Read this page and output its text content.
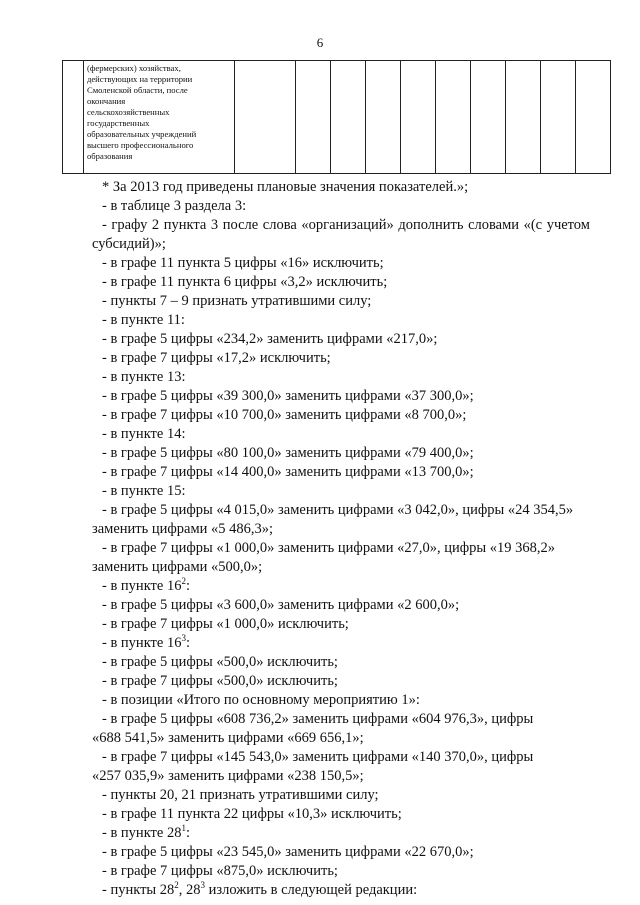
6

(фермерских) хозяйствах,
действующих на территории
Смоленской области, после
окончания
сельскохозяйственных
государственных
образовательных учреждений
высшего профессионального
образования

* За 2013 год приведены плановые значения показателей.»;
- в таблице 3 раздела 3:
- графу 2 пункта 3 после слова «организаций» дополнить словами «(с учетом
субсидий)»;
- в графе 11 пункта 5 цифры «16» исключить;
- в графе 11 пункта 6 цифры «3,2» исключить;
- пункты 7 – 9 признать утратившими силу;
- в пункте 11:
- в графе 5 цифры «234,2» заменить цифрами «217,0»;
- в графе 7 цифры «17,2» исключить;
- в пункте 13:
- в графе 5 цифры «39 300,0» заменить цифрами «37 300,0»;
- в графе 7 цифры «10 700,0» заменить цифрами «8 700,0»;
- в пункте 14:
- в графе 5 цифры «80 100,0» заменить цифрами «79 400,0»;
- в графе 7 цифры «14 400,0» заменить цифрами «13 700,0»;
- в пункте 15:
- в графе 5 цифры «4 015,0» заменить цифрами «3 042,0», цифры «24 354,5»
заменить цифрами «5 486,3»;
- в графе 7 цифры «1 000,0» заменить цифрами «27,0», цифры «19 368,2»
заменить цифрами «500,0»;
- в пункте $16^2$:
- в графе 5 цифры «3 600,0» заменить цифрами «2 600,0»;
- в графе 7 цифры «1 000,0» исключить;
- в пункте $16^3$:
- в графе 5 цифры «500,0» исключить;
- в графе 7 цифры «500,0» исключить;
- в позиции «Итого по основному мероприятию 1»:
- в графе 5 цифры «608 736,2» заменить цифрами «604 976,3», цифры
«688 541,5» заменить цифрами «669 656,1»;
- в графе 7 цифры «145 543,0» заменить цифрами «140 370,0», цифры
«257 035,9» заменить цифрами «238 150,5»;
- пункты 20, 21 признать утратившими силу;
- в графе 11 пункта 22 цифры «10,3» исключить;
- в пункте $28^1$:
- в графе 5 цифры «23 545,0» заменить цифрами «22 670,0»;
- в графе 7 цифры «875,0» исключить;
- пункты $28^2$, $28^3$ изложить в следующей редакции:
